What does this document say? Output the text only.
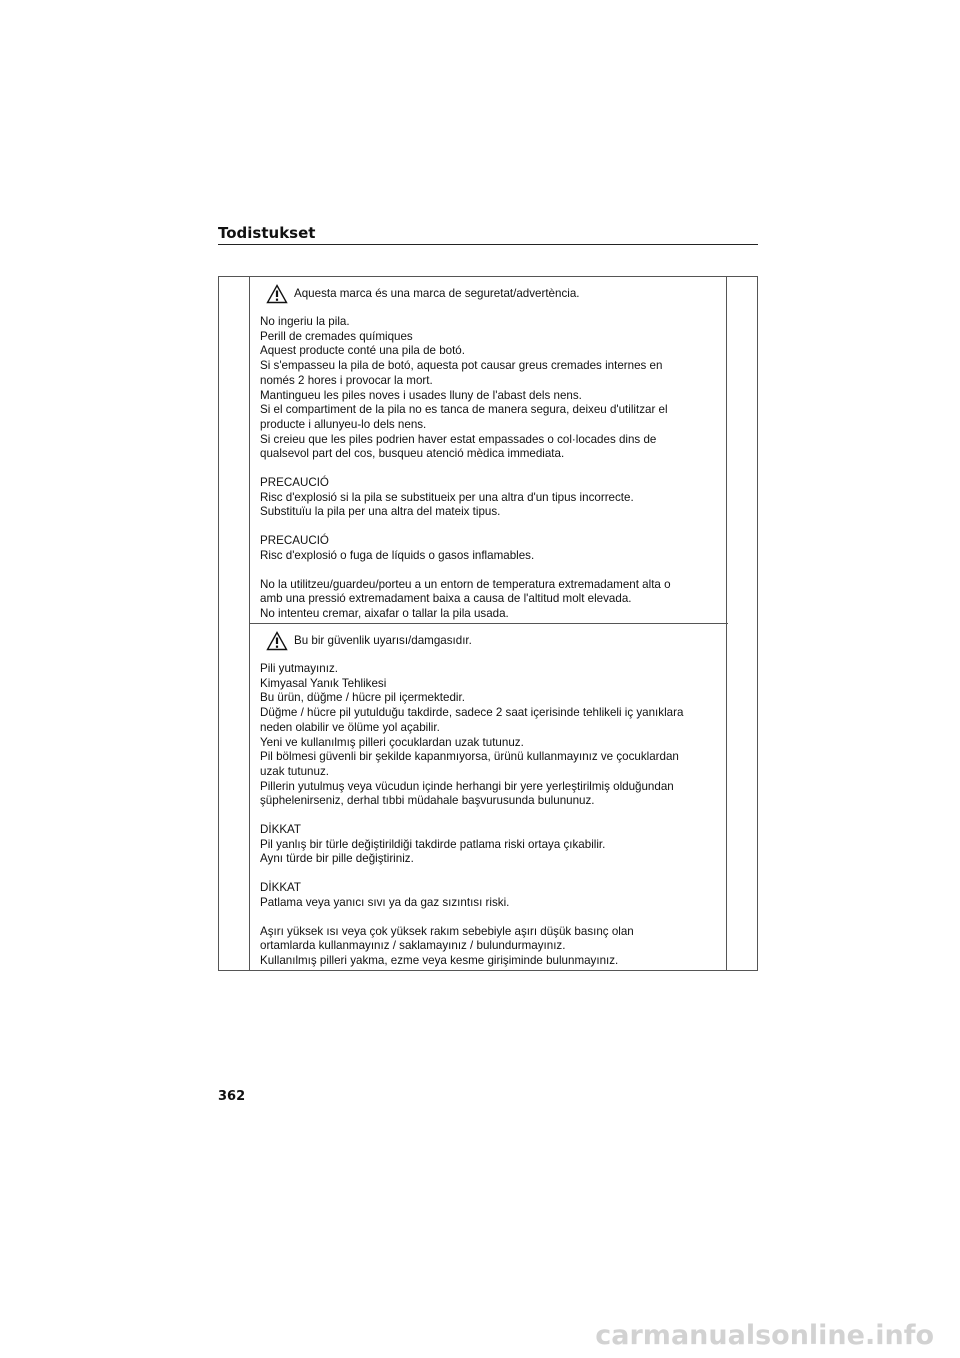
Todistukset
Aquesta marca és una marca de seguretat/advertència.
No ingeriu la pila.
Perill de cremades químiques
Aquest producte conté una pila de botó.
Si s'empasseu la pila de botó, aquesta pot causar greus cremades internes en
només 2 hores i provocar la mort.
Mantingueu les piles noves i usades lluny de l'abast dels nens.
Si el compartiment de la pila no es tanca de manera segura, deixeu d'utilitzar el
producte i allunyeu-lo dels nens.
Si creieu que les piles podrien haver estat empassades o col·locades dins de
qualsevol part del cos, busqueu atenció mèdica immediata.
PRECAUCIÓ
Risc d'explosió si la pila se substitueix per una altra d'un tipus incorrecte.
Substituïu la pila per una altra del mateix tipus.
PRECAUCIÓ
Risc d'explosió o fuga de líquids o gasos inflamables.
No la utilitzeu/guardeu/porteu a un entorn de temperatura extremadament alta o
amb una pressió extremadament baixa a causa de l'altitud molt elevada.
No intenteu cremar, aixafar o tallar la pila usada.
Bu bir güvenlik uyarısı/damgasıdır.
Pili yutmayınız.
Kimyasal Yanık Tehlikesi
Bu ürün, düğme / hücre pil içermektedir.
Düğme / hücre pil yutulduğu takdirde, sadece 2 saat içerisinde tehlikeli iç yanıklara
neden olabilir ve ölüme yol açabilir.
Yeni ve kullanılmış pilleri çocuklardan uzak tutunuz.
Pil bölmesi güvenli bir şekilde kapanmıyorsa, ürünü kullanmayınız ve çocuklardan
uzak tutunuz.
Pillerin yutulmuş veya vücudun içinde herhangi bir yere yerleştirilmiş olduğundan
şüphelenirseniz, derhal tıbbi müdahale başvurusunda bulununuz.
DİKKAT
Pil yanlış bir türle değiştirildiği takdirde patlama riski ortaya çıkabilir.
Aynı türde bir pille değiştiriniz.
DİKKAT
Patlama veya yanıcı sıvı ya da gaz sızıntısı riski.
Aşırı yüksek ısı veya çok yüksek rakım sebebiyle aşırı düşük basınç olan
ortamlarda kullanmayınız / saklamayınız / bulundurmayınız.
Kullanılmış pilleri yakma, ezme veya kesme girişiminde bulunmayınız.
362
carmanualsonline.info
